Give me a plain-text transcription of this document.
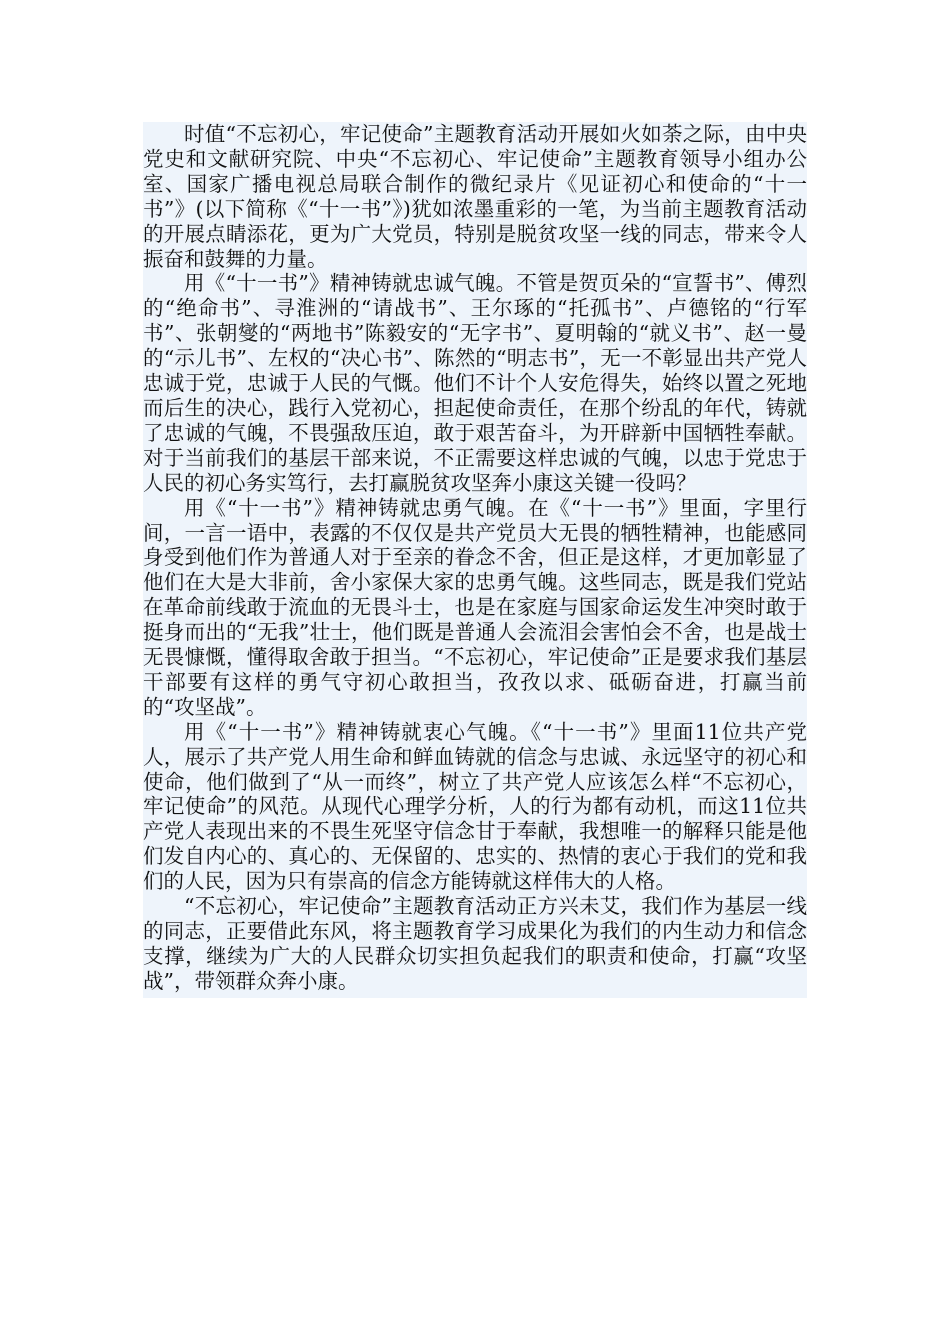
时值“不忘初心，牢记使命”主题教育活动开展如火如荼之际，由中央党史和文献研究院、中央“不忘初心、牢记使命”主题教育领导小组办公室、国家广播电视总局联合制作的微纪录片《见证初心和使命的“十一书”》(以下简称《“十一书”》)犹如浓墨重彩的一笔，为当前主题教育活动的开展点睛添花，更为广大党员，特别是脱贫攻坚一线的同志，带来令人振奋和鼓舞的力量。

用《“十一书”》精神铸就忠诚气魄。不管是贺页朵的“宣誓书”、傅烈的“绝命书”、寻淮洲的“请战书”、王尔琢的“托孤书”、卢德铭的“行军书”、张朝燮的“两地书”陈毅安的“无字书”、夏明翰的“就义书”、赵一曼的“示儿书”、左权的“决心书”、陈然的“明志书”，无一不彰显出共产党人忠诚于党，忠诚于人民的气慨。他们不计个人安危得失，始终以置之死地而后生的决心，践行入党初心，担起使命责任，在那个纷乱的年代，铸就了忠诚的气魄，不畏强敌压迫，敢于艰苦奋斗，为开辟新中国牺牲奉献。对于当前我们的基层干部来说，不正需要这样忠诚的气魄，以忠于党忠于人民的初心务实笃行，去打赢脱贫攻坚奔小康这关键一役吗？

用《“十一书”》精神铸就忠勇气魄。在《“十一书”》里面，字里行间，一言一语中，表露的不仅仅是共产党员大无畏的牺牲精神，也能感同身受到他们作为普通人对于至亲的眷念不舍，但正是这样，才更加彰显了他们在大是大非前，舍小家保大家的忠勇气魄。这些同志，既是我们党站在革命前线敢于流血的无畏斗士，也是在家庭与国家命运发生冲突时敢于挺身而出的“无我”壮士，他们既是普通人会流泪会害怕会不舍，也是战士无畏慷慨，懂得取舍敢于担当。“不忘初心，牢记使命”正是要求我们基层干部要有这样的勇气守初心敢担当，孜孜以求、砥砺奋进，打赢当前的“攻坚战”。

用《“十一书”》精神铸就衷心气魄。《“十一书”》里面11位共产党人，展示了共产党人用生命和鲜血铸就的信念与忠诚、永远坚守的初心和使命，他们做到了“从一而终”，树立了共产党人应该怎么样“不忘初心，牢记使命”的风范。从现代心理学分析，人的行为都有动机，而这11位共产党人表现出来的不畏生死坚守信念甘于奉献，我想唯一的解释只能是他们发自内心的、真心的、无保留的、忠实的、热情的衷心于我们的党和我们的人民，因为只有崇高的信念方能铸就这样伟大的人格。

“不忘初心，牢记使命”主题教育活动正方兴未艾，我们作为基层一线的同志，正要借此东风，将主题教育学习成果化为我们的内生动力和信念支撑，继续为广大的人民群众切实担负起我们的职责和使命，打赢“攻坚战”，带领群众奔小康。
